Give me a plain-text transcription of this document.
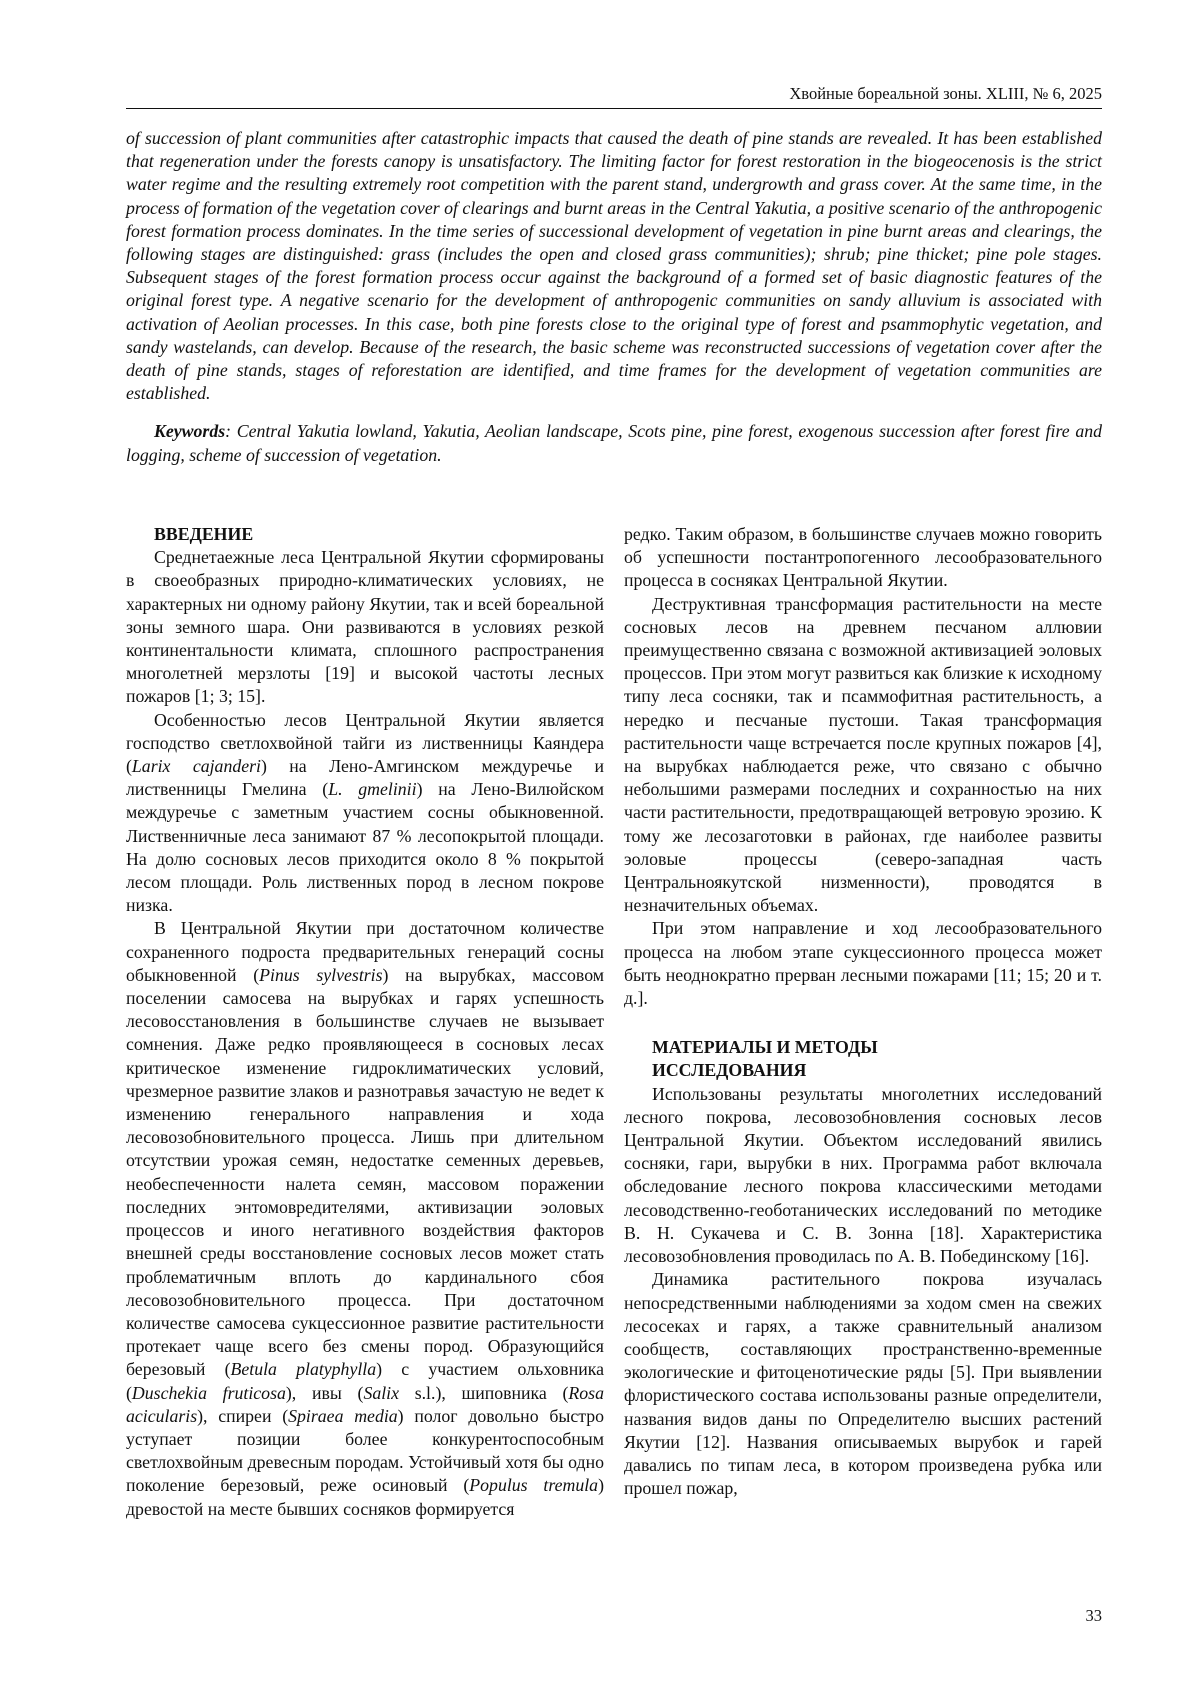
Хвойные бореальной зоны. XLIII, № 6, 2025

of succession of plant communities after catastrophic impacts that caused the death of pine stands are revealed. It has been established that regeneration under the forests canopy is unsatisfactory. The limiting factor for forest restoration in the biogeocenosis is the strict water regime and the resulting extremely root competition with the parent stand, undergrowth and grass cover. At the same time, in the process of formation of the vegetation cover of clearings and burnt areas in the Central Yakutia, a positive scenario of the anthropogenic forest formation process dominates. In the time series of successional development of vegetation in pine burnt areas and clearings, the following stages are distinguished: grass (includes the open and closed grass communities); shrub; pine thicket; pine pole stages. Subsequent stages of the forest formation process occur against the background of a formed set of basic diagnostic features of the original forest type. A negative scenario for the development of anthropogenic communities on sandy alluvium is associated with activation of Aeolian processes. In this case, both pine forests close to the original type of forest and psammophytic vegetation, and sandy wastelands, can develop. Because of the research, the basic scheme was reconstructed successions of vegetation cover after the death of pine stands, stages of reforestation are identified, and time frames for the development of vegetation communities are established.

Keywords: Central Yakutia lowland, Yakutia, Aeolian landscape, Scots pine, pine forest, exogenous succession after forest fire and logging, scheme of succession of vegetation.

ВВЕДЕНИЕ

Среднетаежные леса Центральной Якутии сформированы в своеобразных природно-климатических условиях, не характерных ни одному району Якутии, так и всей бореальной зоны земного шара. Они развиваются в условиях резкой континентальности климата, сплошного распространения многолетней мерзлоты [19] и высокой частоты лесных пожаров [1; 3; 15].

Особенностью лесов Центральной Якутии является господство светлохвойной тайги из лиственницы Каяндера (Larix cajanderi) на Лено-Амгинском междуречье и лиственницы Гмелина (L. gmelinii) на Лено-Вилюйском междуречье с заметным участием сосны обыкновенной. Лиственничные леса занимают 87 % лесопокрытой площади. На долю сосновых лесов приходится около 8 % покрытой лесом площади. Роль лиственных пород в лесном покрове низка.

В Центральной Якутии при достаточном количестве сохраненного подроста предварительных генераций сосны обыкновенной (Pinus sylvestris) на вырубках, массовом поселении самосева на вырубках и гарях успешность лесовосстановления в большинстве случаев не вызывает сомнения. Даже редко проявляющееся в сосновых лесах критическое изменение гидроклиматических условий, чрезмерное развитие злаков и разнотравья зачастую не ведет к изменению генерального направления и хода лесовозобновительного процесса. Лишь при длительном отсутствии урожая семян, недостатке семенных деревьев, необеспеченности налета семян, массовом поражении последних энтомовредителями, активизации эоловых процессов и иного негативного воздействия факторов внешней среды восстановление сосновых лесов может стать проблематичным вплоть до кардинального сбоя лесовозобновительного процесса. При достаточном количестве самосева сукцессионное развитие растительности протекает чаще всего без смены пород. Образующийся березовый (Betula platyphylla) с участием ольховника (Duschekia fruticosa), ивы (Salix s.l.), шиповника (Rosa acicularis), спиреи (Spiraea media) полог довольно быстро уступает позиции более конкурентоспособным светлохвойным древесным породам. Устойчивый хотя бы одно поколение березовый, реже осиновый (Populus tremula) древостой на месте бывших сосняков формируется

редко. Таким образом, в большинстве случаев можно говорить об успешности постантропогенного лесообразовательного процесса в сосняках Центральной Якутии.

Деструктивная трансформация растительности на месте сосновых лесов на древнем песчаном аллювии преимущественно связана с возможной активизацией эоловых процессов. При этом могут развиться как близкие к исходному типу леса сосняки, так и псаммофитная растительность, а нередко и песчаные пустоши. Такая трансформация растительности чаще встречается после крупных пожаров [4], на вырубках наблюдается реже, что связано с обычно небольшими размерами последних и сохранностью на них части растительности, предотвращающей ветровую эрозию. К тому же лесозаготовки в районах, где наиболее развиты эоловые процессы (северо-западная часть Центральноякутской низменности), проводятся в незначительных объемах.

При этом направление и ход лесообразовательного процесса на любом этапе сукцессионного процесса может быть неоднократно прерван лесными пожарами [11; 15; 20 и т. д.].

МАТЕРИАЛЫ И МЕТОДЫ
ИССЛЕДОВАНИЯ

Использованы результаты многолетних исследований лесного покрова, лесовозобновления сосновых лесов Центральной Якутии. Объектом исследований явились сосняки, гари, вырубки в них. Программа работ включала обследование лесного покрова классическими методами лесоводственно-геоботанических исследований по методике В. Н. Сукачева и С. В. Зонна [18]. Характеристика лесовозобновления проводилась по А. В. Побединскому [16].

Динамика растительного покрова изучалась непосредственными наблюдениями за ходом смен на свежих лесосеках и гарях, а также сравнительный анализом сообществ, составляющих пространственно-временные экологические и фитоценотические ряды [5]. При выявлении флористического состава использованы разные определители, названия видов даны по Определителю высших растений Якутии [12]. Названия описываемых вырубок и гарей давались по типам леса, в котором произведена рубка или прошел пожар,

33
